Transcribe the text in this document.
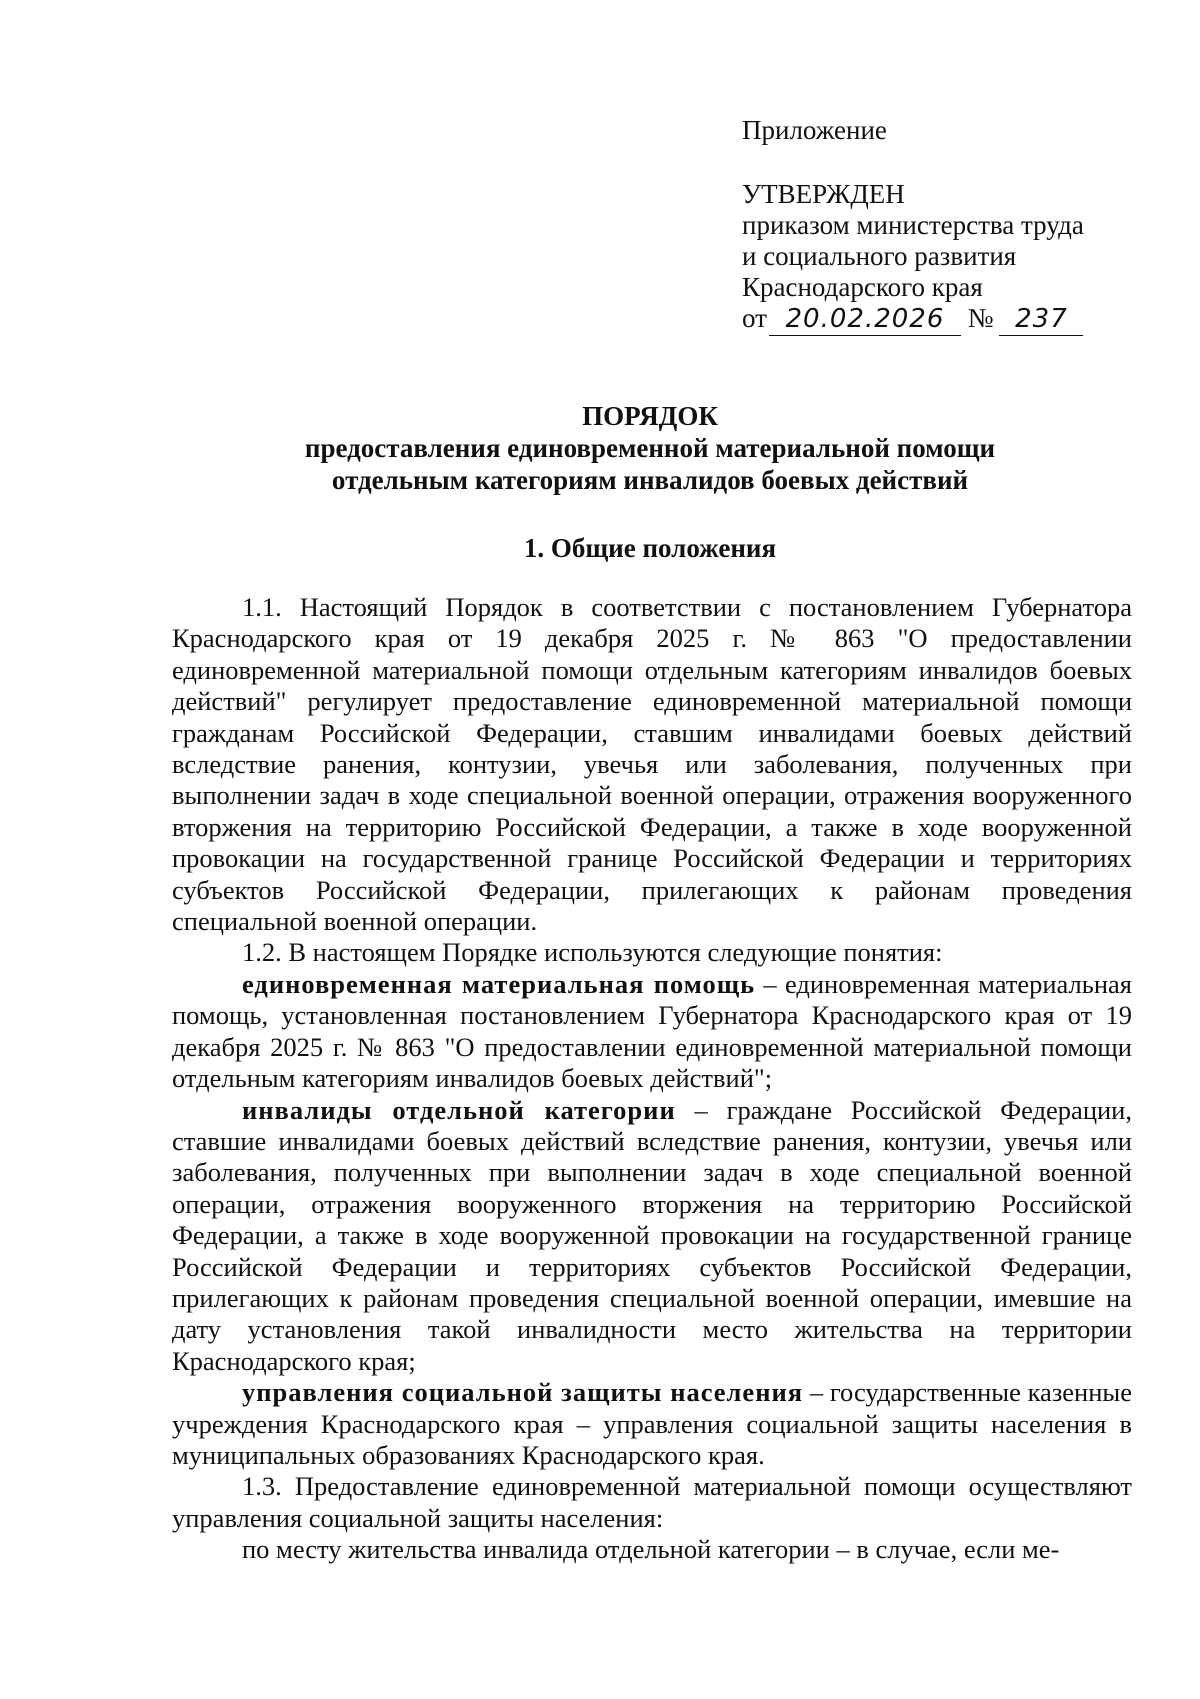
Приложение
УТВЕРЖДЕН
приказом министерства труда
и социального развития
Краснодарского края
от 20.02.2026 № 237
ПОРЯДОК
предоставления единовременной материальной помощи
отдельным категориям инвалидов боевых действий
1. Общие положения

1.1. Настоящий Порядок в соответствии с постановлением Губернатора Краснодарского края от 19 декабря 2025 г. № 863 "О предоставлении единовременной материальной помощи отдельным категориям инвалидов боевых действий" регулирует предоставление единовременной материальной помощи гражданам Российской Федерации, ставшим инвалидами боевых действий вследствие ранения, контузии, увечья или заболевания, полученных при выполнении задач в ходе специальной военной операции, отражения вооруженного вторжения на территорию Российской Федерации, а также в ходе вооруженной провокации на государственной границе Российской Федерации и территориях субъектов Российской Федерации, прилегающих к районам проведения специальной военной операции.

1.2. В настоящем Порядке используются следующие понятия:

единовременная материальная помощь – единовременная материальная помощь, установленная постановлением Губернатора Краснодарского края от 19 декабря 2025 г. № 863 "О предоставлении единовременной материальной помощи отдельным категориям инвалидов боевых действий";

инвалиды отдельной категории – граждане Российской Федерации, ставшие инвалидами боевых действий вследствие ранения, контузии, увечья или заболевания, полученных при выполнении задач в ходе специальной военной операции, отражения вооруженного вторжения на территорию Российской Федерации, а также в ходе вооруженной провокации на государственной границе Российской Федерации и территориях субъектов Российской Федерации, прилегающих к районам проведения специальной военной операции, имевшие на дату установления такой инвалидности место жительства на территории Краснодарского края;

управления социальной защиты населения – государственные казенные учреждения Краснодарского края – управления социальной защиты населения в муниципальных образованиях Краснодарского края.

1.3. Предоставление единовременной материальной помощи осуществляют управления социальной защиты населения:

по месту жительства инвалида отдельной категории – в случае, если ме-
